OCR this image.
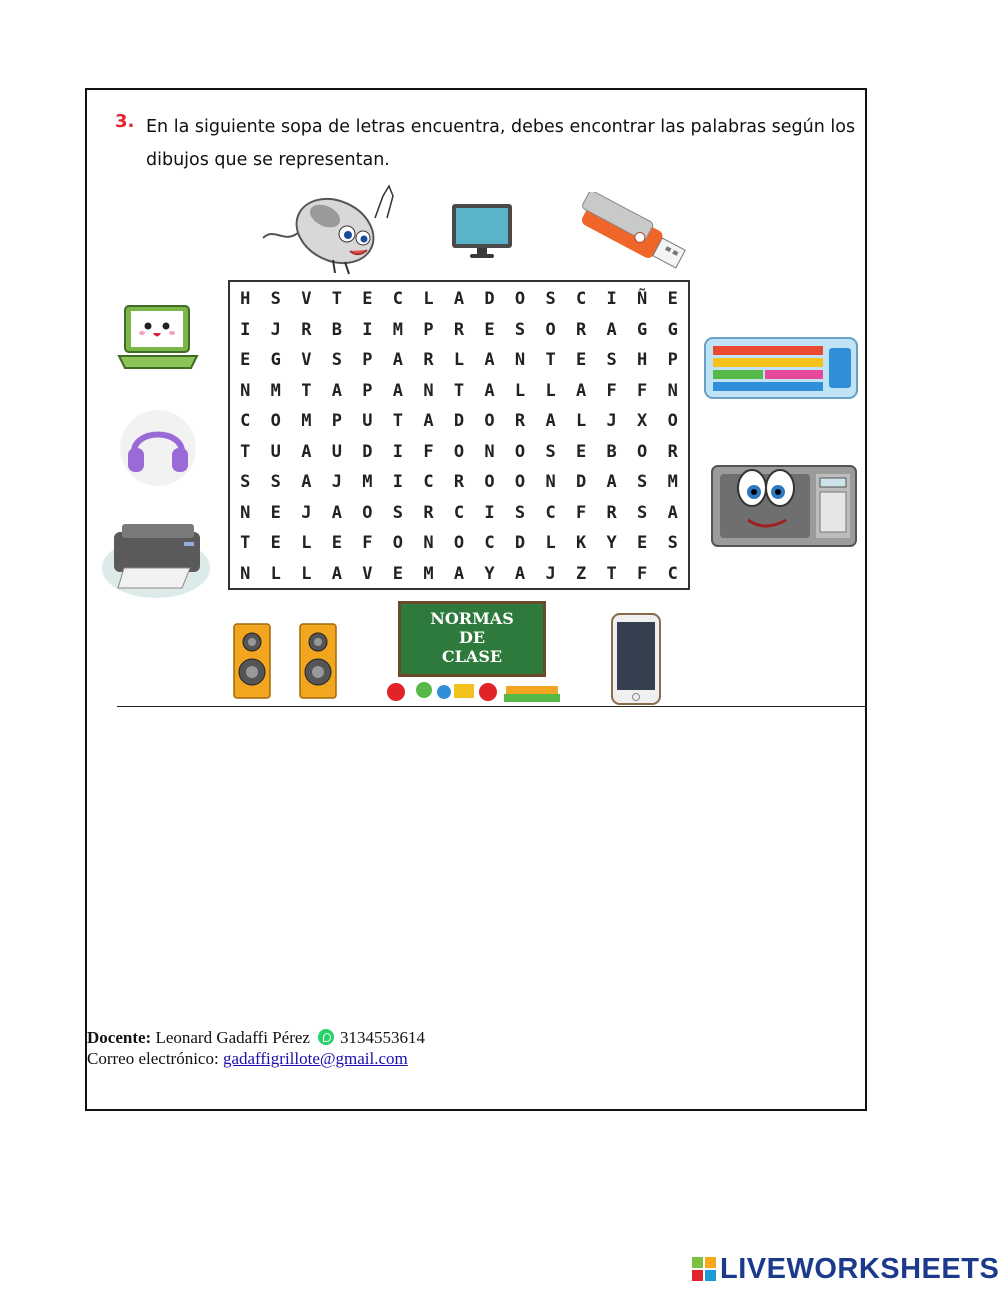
3. En la siguiente sopa de letras encuentra, debes encontrar las palabras según los dibujos que se representan.
H	S	V	T	E	C	L	A	D	O	S	C	I	Ñ	E
I	J	R	B	I	M	P	R	E	S	O	R	A	G	G
E	G	V	S	P	A	R	L	A	N	T	E	S	H	P
N	M	T	A	P	A	N	T	A	L	L	A	F	F	N
C	O	M	P	U	T	A	D	O	R	A	L	J	X	O
T	U	A	U	D	I	F	O	N	O	S	E	B	O	R
S	S	A	J	M	I	C	R	O	O	N	D	A	S	M
N	E	J	A	O	S	R	C	I	S	C	F	R	S	A
T	E	L	E	F	O	N	O	C	D	L	K	Y	E	S
N	L	L	A	V	E	M	A	Y	A	J	Z	T	F	C
NORMAS
DE
CLASE
Docente: Leonard Gadaffi Pérez 3134553614
Correo electrónico: gadaffigrillote@gmail.com
LIVEWORKSHEETS
